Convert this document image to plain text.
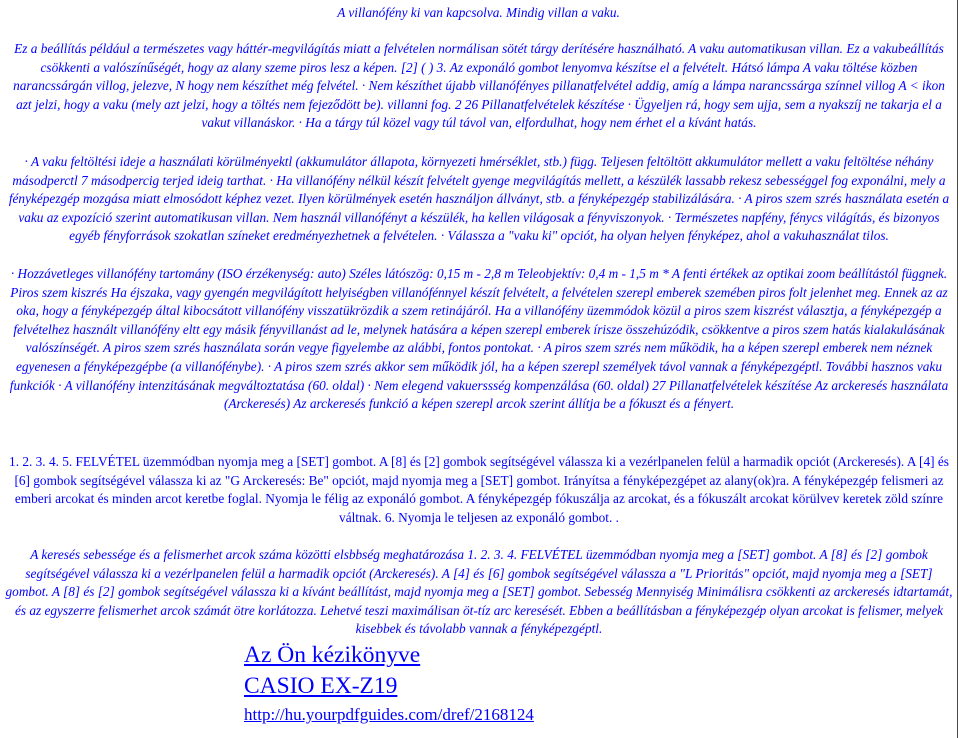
A villanófény ki van kapcsolva. Mindig villan a vaku.

Ez a beállítás például a természetes vagy háttér-megvilágítás miatt a felvételen normálisan sötét tárgy derítésére használható. A vaku automatikusan villan. Ez a vakubeállítás csökkenti a valószínűségét, hogy az alany szeme piros lesz a képen. [2] ( ) 3. Az exponáló gombot lenyomva készítse el a felvételt. Hátsó lámpa A vaku töltése közben narancssárgán villog, jelezve, N hogy nem készíthet még felvétel. · Nem készíthet újabb villanófényes pillanatfelvétel addig, amíg a lámpa narancssárga színnel villog A < ikon azt jelzi, hogy a vaku (mely azt jelzi, hogy a töltés nem fejeződött be). villanni fog. 2 26 Pillanatfelvételek készítése · Ügyeljen rá, hogy sem ujja, sem a nyakszíj ne takarja el a vakut villanáskor. · Ha a tárgy túl közel vagy túl távol van, elfordulhat, hogy nem érhet el a kívánt hatás.

· A vaku feltöltési ideje a használati körülményektl (akkumulátor állapota, környezeti hmérséklet, stb.) függ. Teljesen feltöltött akkumulátor mellett a vaku feltöltése néhány másodperctl 7 másodpercig terjed ideig tarthat. · Ha villanófény nélkül készít felvételt gyenge megvilágítás mellett, a készülék lassabb rekesz sebességgel fog exponálni, mely a fényképezgép mozgása miatt elmosódott képhez vezet. Ilyen körülmények esetén használjon állványt, stb. a fényképezgép stabilizálására. · A piros szem szrés használata esetén a vaku az expozíció szerint automatikusan villan. Nem használ villanófényt a készülék, ha kellen világosak a fényviszonyok. · Természetes napfény, fénycs világítás, és bizonyos egyéb fényforrások szokatlan színeket eredményezhetnek a felvételen. · Válassza a "vaku ki" opciót, ha olyan helyen fényképez, ahol a vakuhasználat tilos.

· Hozzávetleges villanófény tartomány (ISO érzékenység: auto) Széles látószög: 0,15 m - 2,8 m Teleobjektív: 0,4 m - 1,5 m * A fenti értékek az optikai zoom beállítástól függnek. Piros szem kiszrés Ha éjszaka, vagy gyengén megvilágított helyiségben villanófénnyel készít felvételt, a felvételen szerepl emberek szemében piros folt jelenhet meg. Ennek az az oka, hogy a fényképezgép által kibocsátott villanófény visszatükrözdik a szem retinájáról. Ha a villanófény üzemmódok közül a piros szem kiszrést választja, a fényképezgép a felvételhez használt villanófény eltt egy másik fényvillanást ad le, melynek hatására a képen szerepl emberek íriszе összehúzódik, csökkentve a piros szem hatás kialakulásának valószínségét. A piros szem szrés használata során vegye figyelembe az alábbi, fontos pontokat. · A piros szem szrés nem működik, ha a képen szerepl emberek nem néznek egyenesen a fényképezgépbe (a villanófénybe). · A piros szem szrés akkor sem működik jól, ha a képen szerepl személyek távol vannak a fényképezgéptl. További hasznos vaku funkciók · A villanófény intenzitásának megváltoztatása (60. oldal) · Nem elegend vakuerssség kompenzálása (60. oldal) 27 Pillanatfelvételek készítése Az arckeresés használata (Arckeresés) Az arckeresés funkció a képen szerepl arcok szerint állítja be a fókuszt és a fényert.

1. 2. 3. 4. 5. FELVÉTEL üzemmódban nyomja meg a [SET] gombot. A [8] és [2] gombok segítségével válassza ki a vezérlpanelen felül a harmadik opciót (Arckeresés). A [4] és [6] gombok segítségével válassza ki az "G Arckeresés: Be" opciót, majd nyomja meg a [SET] gombot. Irányítsa a fényképezgépet az alany(ok)ra. A fényképezgép felismeri az emberi arcokat és minden arcot keretbe foglal. Nyomja le félig az exponáló gombot. A fényképezgép fókuszálja az arcokat, és a fókuszált arcokat körülvev keretek zöld színre váltnak. 6. Nyomja le teljesen az exponáló gombot. .

A keresés sebessége és a felismerhet arcok száma közötti elsbbség meghatározása 1. 2. 3. 4. FELVÉTEL üzemmódban nyomja meg a [SET] gombot. A [8] és [2] gombok segítségével válassza ki a vezérlpanelen felül a harmadik opciót (Arckeresés). A [4] és [6] gombok segítségével válassza a "L Prioritás" opciót, majd nyomja meg a [SET] gombot. A [8] és [2] gombok segítségével válassza ki a kívánt beállítást, majd nyomja meg a [SET] gombot. Sebesség Mennyiség Minimálisra csökkenti az arckeresés idtartamát, és az egyszerre felismerhet arcok számát ötre korlátozza. Lehetvé teszi maximálisan öt-tíz arc keresését. Ebben a beállításban a fényképezgép olyan arcokat is felismer, melyek kisebbek és távolabb vannak a fényképezgéptl.

Az Ön kézikönyve
CASIO EX-Z19
http://hu.yourpdfguides.com/dref/2168124
